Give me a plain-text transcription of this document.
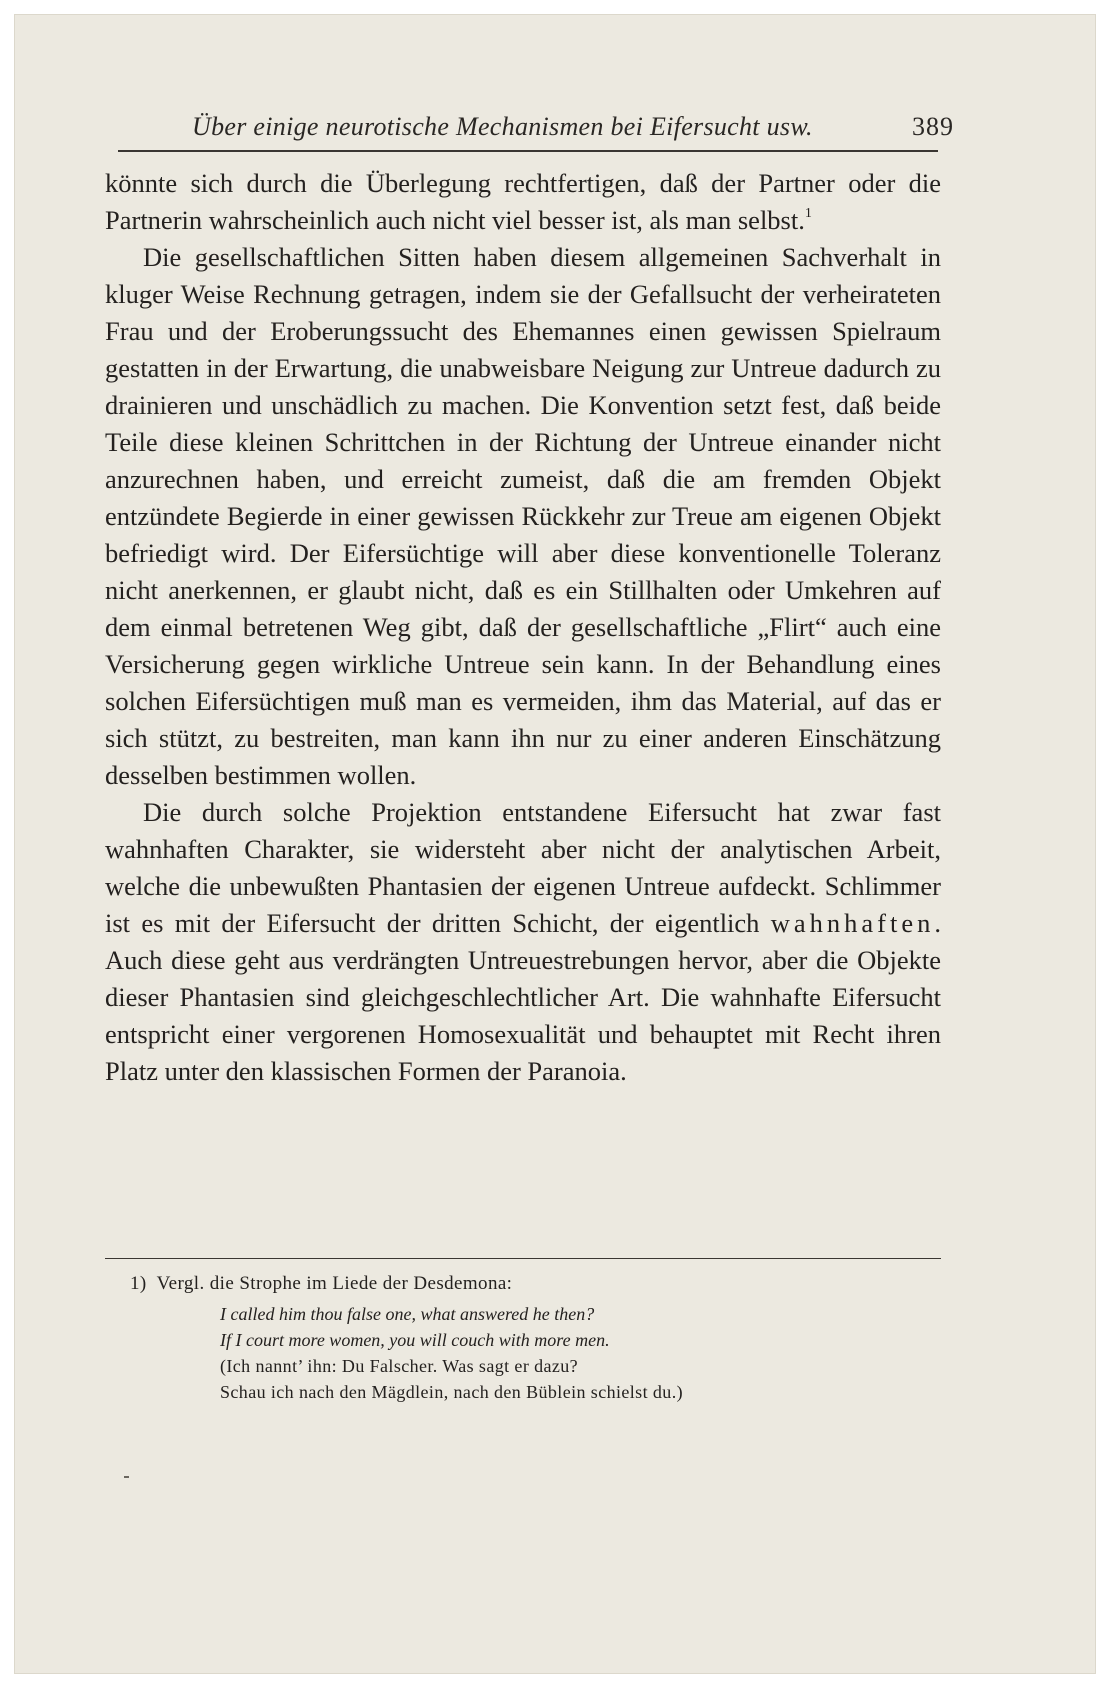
Über einige neurotische Mechanismen bei Eifersucht usw.	389

könnte sich durch die Überlegung rechtfertigen, daß der Partner oder die Partnerin wahrscheinlich auch nicht viel besser ist, als man selbst.$^1$

Die gesellschaftlichen Sitten haben diesem allgemeinen Sachverhalt in kluger Weise Rechnung getragen, indem sie der Gefallsucht der verheirateten Frau und der Eroberungssucht des Ehemannes einen gewissen Spielraum gestatten in der Erwartung, die unabweisbare Neigung zur Untreue dadurch zu drainieren und unschädlich zu machen. Die Konvention setzt fest, daß beide Teile diese kleinen Schrittchen in der Richtung der Untreue einander nicht anzurechnen haben, und erreicht zumeist, daß die am fremden Objekt entzündete Begierde in einer gewissen Rückkehr zur Treue am eigenen Objekt befriedigt wird. Der Eifersüchtige will aber diese konventionelle Toleranz nicht anerkennen, er glaubt nicht, daß es ein Stillhalten oder Umkehren auf dem einmal betretenen Weg gibt, daß der gesellschaftliche „Flirt“ auch eine Versicherung gegen wirkliche Untreue sein kann. In der Behandlung eines solchen Eifersüchtigen muß man es vermeiden, ihm das Material, auf das er sich stützt, zu bestreiten, man kann ihn nur zu einer anderen Einschätzung desselben bestimmen wollen.

Die durch solche Projektion entstandene Eifersucht hat zwar fast wahnhaften Charakter, sie widersteht aber nicht der analytischen Arbeit, welche die unbewußten Phantasien der eigenen Untreue aufdeckt. Schlimmer ist es mit der Eifersucht der dritten Schicht, der eigentlich wahnhaften. Auch diese geht aus verdrängten Untreuestrebungen hervor, aber die Objekte dieser Phantasien sind gleichgeschlechtlicher Art. Die wahnhafte Eifersucht entspricht einer vergorenen Homosexualität und behauptet mit Recht ihren Platz unter den klassischen Formen der Paranoia.

1) Vergl. die Strophe im Liede der Desdemona:

I called him thou false one, what answered he then?

If I court more women, you will couch with more men.

(Ich nannt’ ihn: Du Falscher. Was sagt er dazu?

Schau ich nach den Mägdlein, nach den Büblein schielst du.)
